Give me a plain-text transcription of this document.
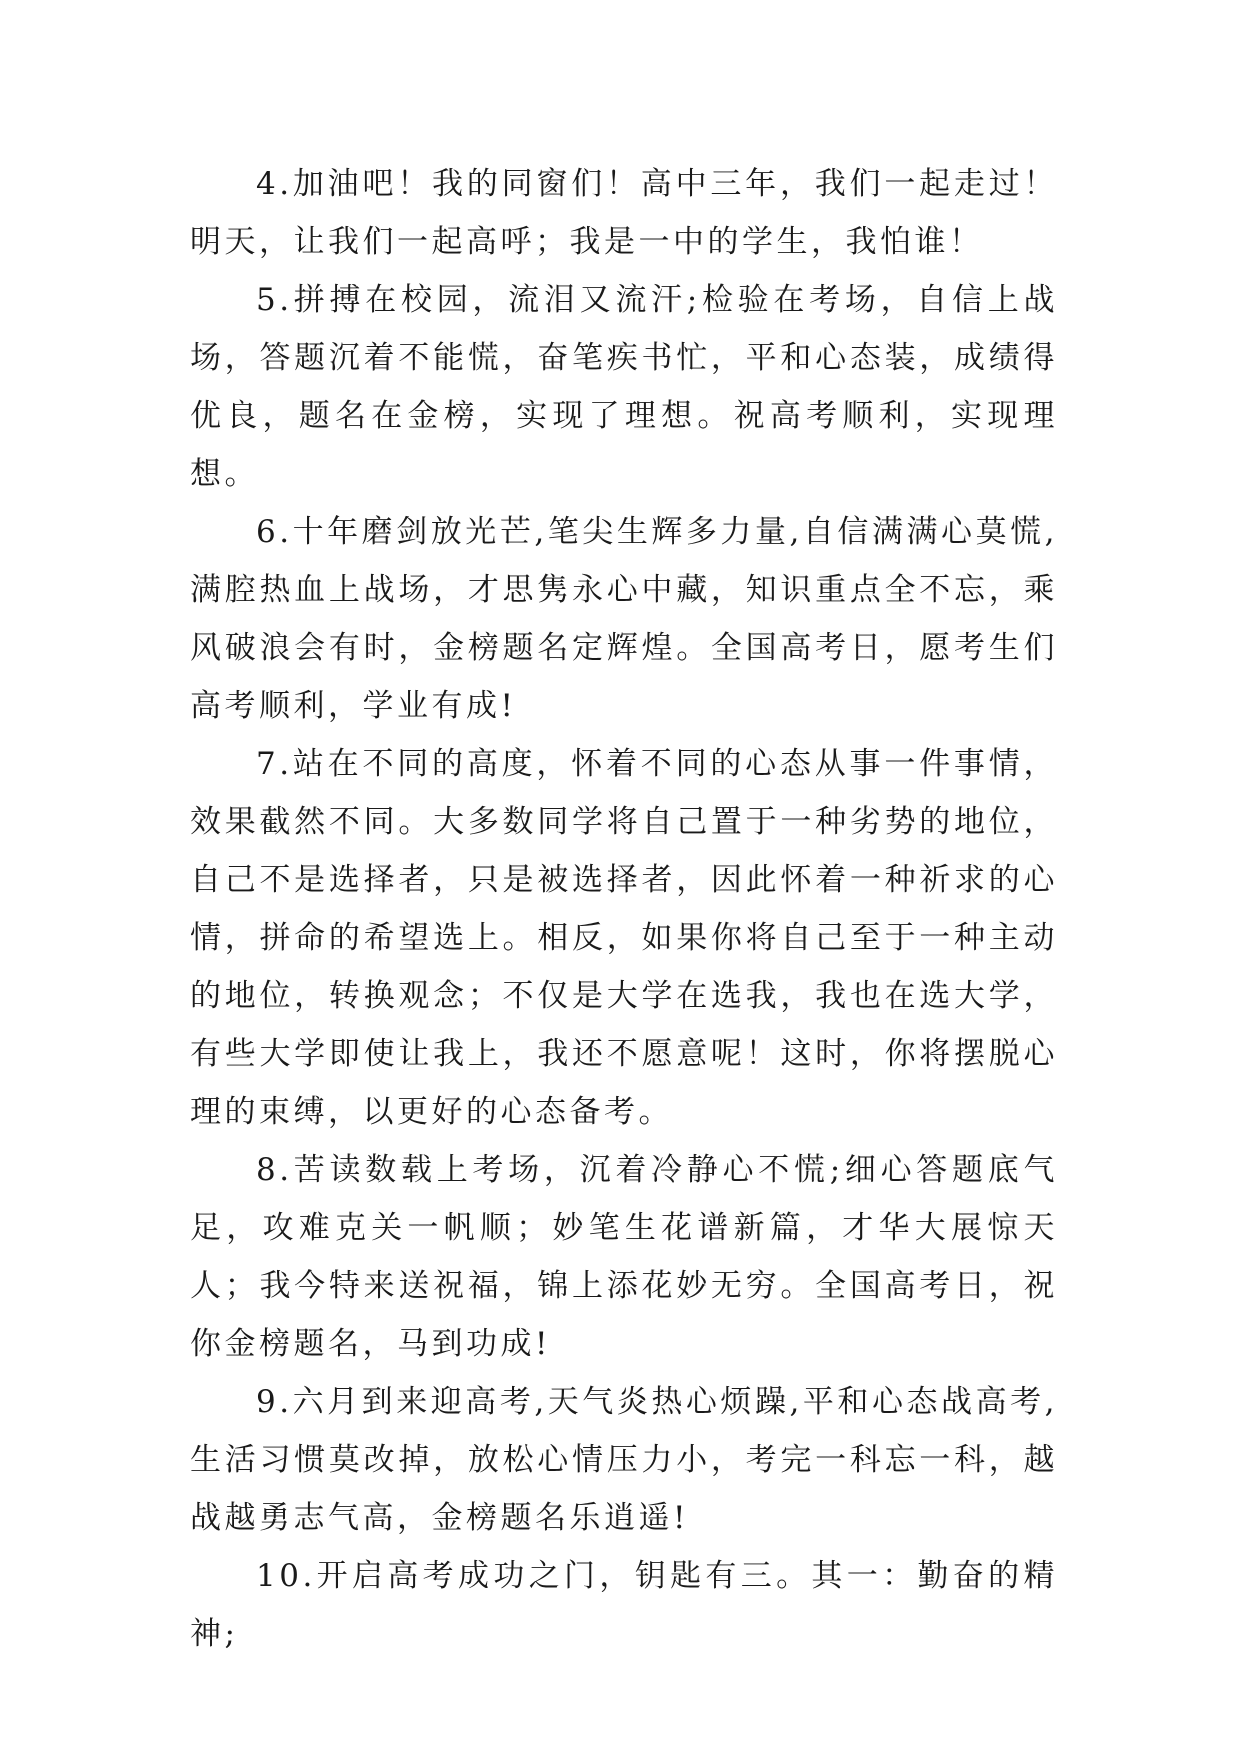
4.加油吧！我的同窗们！高中三年，我们一起走过！明天，让我们一起高呼；我是一中的学生，我怕谁！

5.拼搏在校园，流泪又流汗;检验在考场，自信上战场，答题沉着不能慌，奋笔疾书忙，平和心态装，成绩得优良，题名在金榜，实现了理想。祝高考顺利，实现理想。

6.十年磨剑放光芒,笔尖生辉多力量,自信满满心莫慌,满腔热血上战场，才思隽永心中藏，知识重点全不忘，乘风破浪会有时，金榜题名定辉煌。全国高考日，愿考生们高考顺利，学业有成!

7.站在不同的高度，怀着不同的心态从事一件事情，效果截然不同。大多数同学将自己置于一种劣势的地位，自己不是选择者，只是被选择者，因此怀着一种祈求的心情，拼命的希望选上。相反，如果你将自己至于一种主动的地位，转换观念；不仅是大学在选我，我也在选大学，有些大学即使让我上，我还不愿意呢！这时，你将摆脱心理的束缚，以更好的心态备考。

8.苦读数载上考场，沉着冷静心不慌;细心答题底气足，攻难克关一帆顺；妙笔生花谱新篇，才华大展惊天人；我今特来送祝福，锦上添花妙无穷。全国高考日，祝你金榜题名，马到功成!

9.六月到来迎高考,天气炎热心烦躁,平和心态战高考,生活习惯莫改掉，放松心情压力小，考完一科忘一科，越战越勇志气高，金榜题名乐逍遥!

10.开启高考成功之门，钥匙有三。其一：勤奋的精神;
